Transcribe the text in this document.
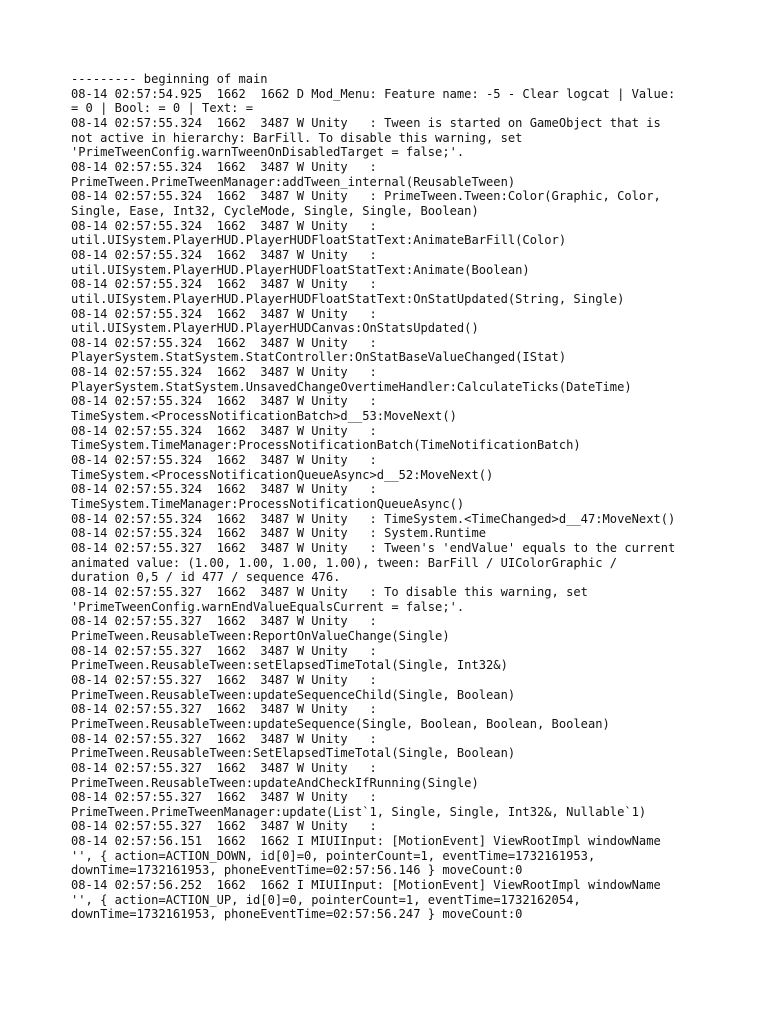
--------- beginning of main
08-14 02:57:54.925  1662  1662 D Mod_Menu: Feature name: -5 - Clear logcat | Value:
= 0 | Bool: = 0 | Text: =
08-14 02:57:55.324  1662  3487 W Unity   : Tween is started on GameObject that is
not active in hierarchy: BarFill. To disable this warning, set
'PrimeTweenConfig.warnTweenOnDisabledTarget = false;'.
08-14 02:57:55.324  1662  3487 W Unity   :
PrimeTween.PrimeTweenManager:addTween_internal(ReusableTween)
08-14 02:57:55.324  1662  3487 W Unity   : PrimeTween.Tween:Color(Graphic, Color,
Single, Ease, Int32, CycleMode, Single, Single, Boolean)
08-14 02:57:55.324  1662  3487 W Unity   :
util.UISystem.PlayerHUD.PlayerHUDFloatStatText:AnimateBarFill(Color)
08-14 02:57:55.324  1662  3487 W Unity   :
util.UISystem.PlayerHUD.PlayerHUDFloatStatText:Animate(Boolean)
08-14 02:57:55.324  1662  3487 W Unity   :
util.UISystem.PlayerHUD.PlayerHUDFloatStatText:OnStatUpdated(String, Single)
08-14 02:57:55.324  1662  3487 W Unity   :
util.UISystem.PlayerHUD.PlayerHUDCanvas:OnStatsUpdated()
08-14 02:57:55.324  1662  3487 W Unity   :
PlayerSystem.StatSystem.StatController:OnStatBaseValueChanged(IStat)
08-14 02:57:55.324  1662  3487 W Unity   :
PlayerSystem.StatSystem.UnsavedChangeOvertimeHandler:CalculateTicks(DateTime)
08-14 02:57:55.324  1662  3487 W Unity   :
TimeSystem.<ProcessNotificationBatch>d__53:MoveNext()
08-14 02:57:55.324  1662  3487 W Unity   :
TimeSystem.TimeManager:ProcessNotificationBatch(TimeNotificationBatch)
08-14 02:57:55.324  1662  3487 W Unity   :
TimeSystem.<ProcessNotificationQueueAsync>d__52:MoveNext()
08-14 02:57:55.324  1662  3487 W Unity   :
TimeSystem.TimeManager:ProcessNotificationQueueAsync()
08-14 02:57:55.324  1662  3487 W Unity   : TimeSystem.<TimeChanged>d__47:MoveNext()
08-14 02:57:55.324  1662  3487 W Unity   : System.Runtime
08-14 02:57:55.327  1662  3487 W Unity   : Tween's 'endValue' equals to the current
animated value: (1.00, 1.00, 1.00, 1.00), tween: BarFill / UIColorGraphic /
duration 0,5 / id 477 / sequence 476.
08-14 02:57:55.327  1662  3487 W Unity   : To disable this warning, set
'PrimeTweenConfig.warnEndValueEqualsCurrent = false;'.
08-14 02:57:55.327  1662  3487 W Unity   :
PrimeTween.ReusableTween:ReportOnValueChange(Single)
08-14 02:57:55.327  1662  3487 W Unity   :
PrimeTween.ReusableTween:setElapsedTimeTotal(Single, Int32&)
08-14 02:57:55.327  1662  3487 W Unity   :
PrimeTween.ReusableTween:updateSequenceChild(Single, Boolean)
08-14 02:57:55.327  1662  3487 W Unity   :
PrimeTween.ReusableTween:updateSequence(Single, Boolean, Boolean, Boolean)
08-14 02:57:55.327  1662  3487 W Unity   :
PrimeTween.ReusableTween:SetElapsedTimeTotal(Single, Boolean)
08-14 02:57:55.327  1662  3487 W Unity   :
PrimeTween.ReusableTween:updateAndCheckIfRunning(Single)
08-14 02:57:55.327  1662  3487 W Unity   :
PrimeTween.PrimeTweenManager:update(List`1, Single, Single, Int32&, Nullable`1)
08-14 02:57:55.327  1662  3487 W Unity   :
08-14 02:57:56.151  1662  1662 I MIUIInput: [MotionEvent] ViewRootImpl windowName
'', { action=ACTION_DOWN, id[0]=0, pointerCount=1, eventTime=1732161953,
downTime=1732161953, phoneEventTime=02:57:56.146 } moveCount:0
08-14 02:57:56.252  1662  1662 I MIUIInput: [MotionEvent] ViewRootImpl windowName
'', { action=ACTION_UP, id[0]=0, pointerCount=1, eventTime=1732162054,
downTime=1732161953, phoneEventTime=02:57:56.247 } moveCount:0
